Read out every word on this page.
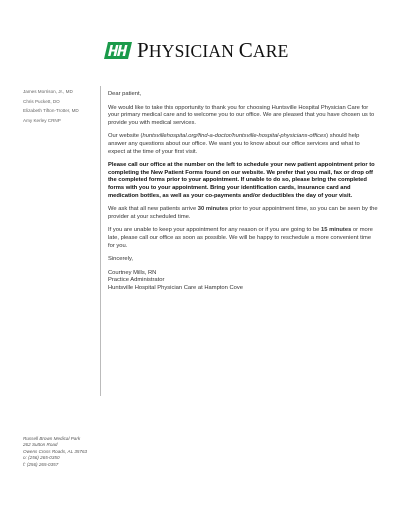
PHYSICIAN CARE
James Morrison, Jr., MD
Chris Puckett, DO
Elizabeth Tifton-Trotter, MD
Amy Kerley CRNP
Russell Brown Medical Park
262 Sutton Road
Owens Cross Roads, AL 35763
o: (256) 265-0350
f: (256) 265-0357

Dear patient,

We would like to take this opportunity to thank you for choosing Huntsville Hospital Physician Care for your primary medical care and to welcome you to our office. We are pleased that you have chosen us to provide you with medical services.

Our website (huntsvillehospital.org/find-a-doctor/huntsville-hospital-physicians-offices) should help answer any questions about our office. We want you to know about our office services and what to expect at the time of your first visit.

Please call our office at the number on the left to schedule your new patient appointment prior to completing the New Patient Forms found on our website. We prefer that you mail, fax or drop off the completed forms prior to your appointment. If unable to do so, please bring the completed forms with you to your appointment. Bring your identification cards, insurance card and medication bottles, as well as your co-payments and/or deductibles the day of your visit.

We ask that all new patients arrive 30 minutes prior to your appointment time, so you can be seen by the provider at your scheduled time.

If you are unable to keep your appointment for any reason or if you are going to be 15 minutes or more late, please call our office as soon as possible. We will be happy to reschedule a more convenient time for you.

Sincerely,

Courtney Mills, RN
Practice Administrator
Huntsville Hospital Physician Care at Hampton Cove
